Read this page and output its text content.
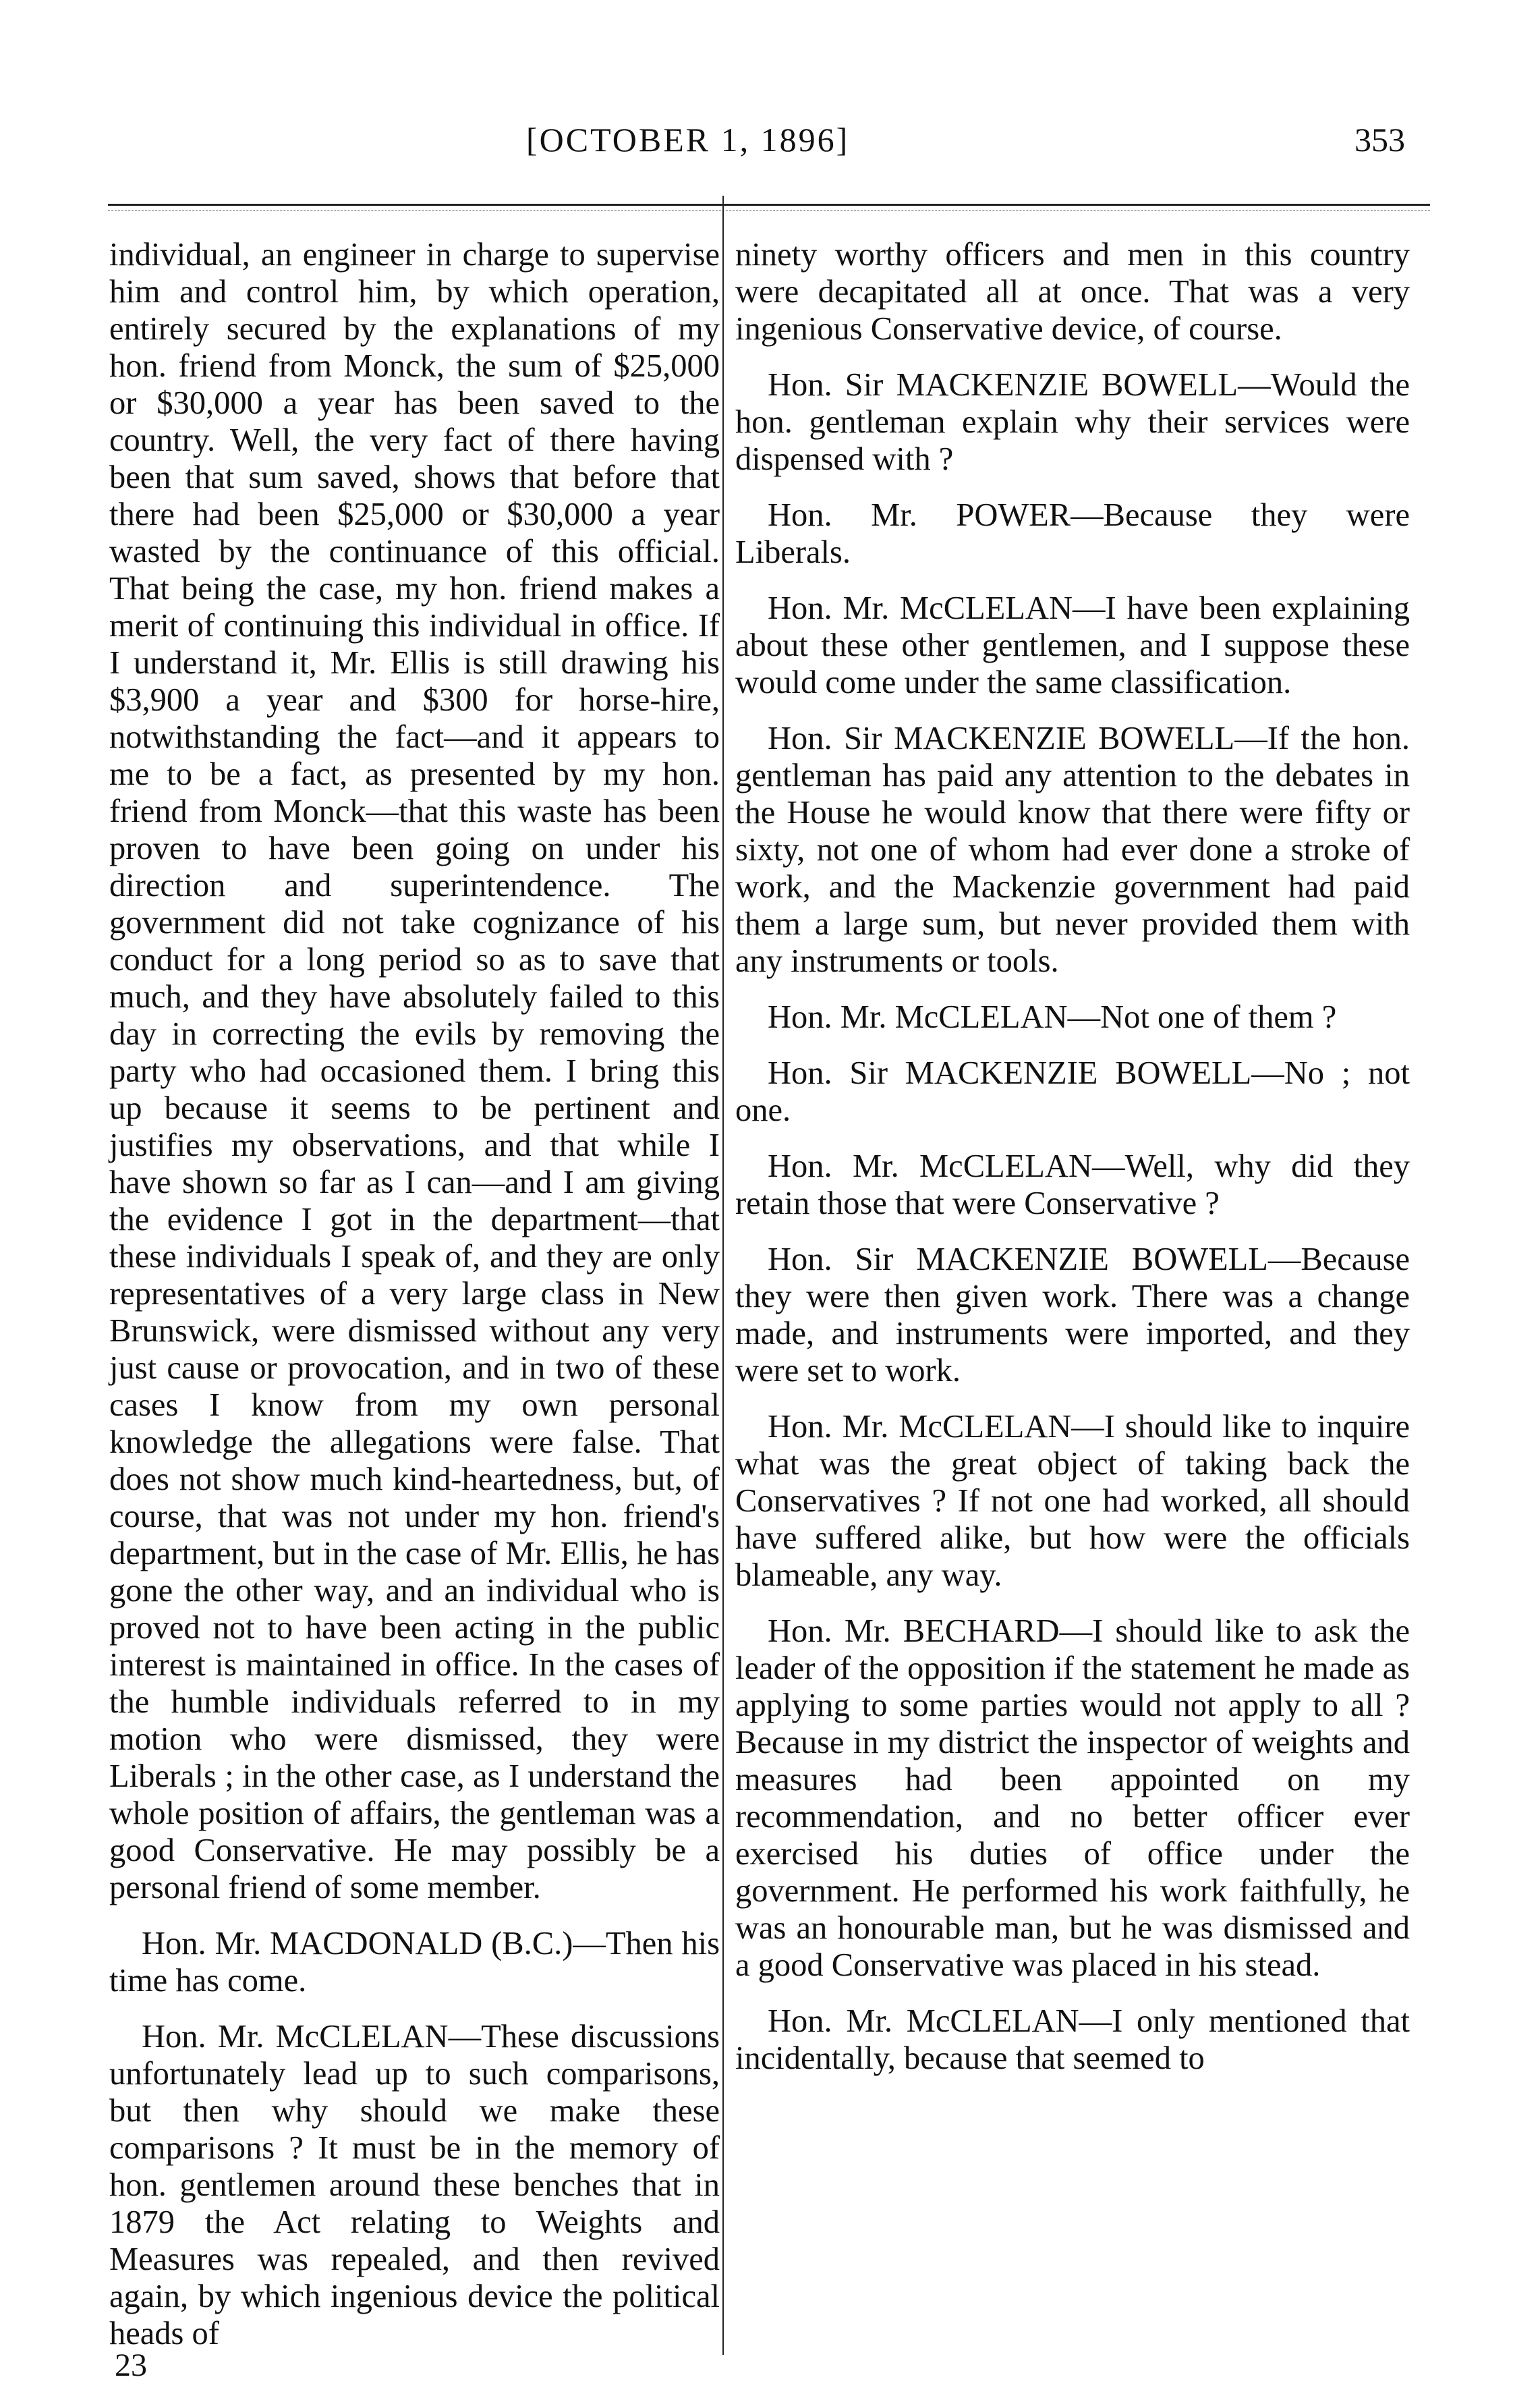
[OCTOBER 1, 1896]	353

individual, an engineer in charge to supervise him and control him, by which operation, entirely secured by the explanations of my hon. friend from Monck, the sum of $25,000 or $30,000 a year has been saved to the country. Well, the very fact of there having been that sum saved, shows that before that there had been $25,000 or $30,000 a year wasted by the continuance of this official. That being the case, my hon. friend makes a merit of continuing this individual in office. If I understand it, Mr. Ellis is still drawing his $3,900 a year and $300 for horse-hire, notwithstanding the fact—and it appears to me to be a fact, as presented by my hon. friend from Monck—that this waste has been proven to have been going on under his direction and superintendence. The government did not take cognizance of his conduct for a long period so as to save that much, and they have absolutely failed to this day in correcting the evils by removing the party who had occasioned them. I bring this up because it seems to be pertinent and justifies my observations, and that while I have shown so far as I can—and I am giving the evidence I got in the department—that these individuals I speak of, and they are only representatives of a very large class in New Brunswick, were dismissed without any very just cause or provocation, and in two of these cases I know from my own personal knowledge the allegations were false. That does not show much kind-heartedness, but, of course, that was not under my hon. friend's department, but in the case of Mr. Ellis, he has gone the other way, and an individual who is proved not to have been acting in the public interest is maintained in office. In the cases of the humble individuals referred to in my motion who were dismissed, they were Liberals ; in the other case, as I understand the whole position of affairs, the gentleman was a good Conservative. He may possibly be a personal friend of some member.

Hon. Mr. MACDONALD (B.C.)—Then his time has come.

Hon. Mr. McCLELAN—These discussions unfortunately lead up to such comparisons, but then why should we make these comparisons ? It must be in the memory of hon. gentlemen around these benches that in 1879 the Act relating to Weights and Measures was repealed, and then revived again, by which ingenious device the political heads of

ninety worthy officers and men in this country were decapitated all at once. That was a very ingenious Conservative device, of course.

Hon. Sir MACKENZIE BOWELL—Would the hon. gentleman explain why their services were dispensed with ?

Hon. Mr. POWER—Because they were Liberals.

Hon. Mr. McCLELAN—I have been explaining about these other gentlemen, and I suppose these would come under the same classification.

Hon. Sir MACKENZIE BOWELL—If the hon. gentleman has paid any attention to the debates in the House he would know that there were fifty or sixty, not one of whom had ever done a stroke of work, and the Mackenzie government had paid them a large sum, but never provided them with any instruments or tools.

Hon. Mr. McCLELAN—Not one of them ?

Hon. Sir MACKENZIE BOWELL—No ; not one.

Hon. Mr. McCLELAN—Well, why did they retain those that were Conservative ?

Hon. Sir MACKENZIE BOWELL—Because they were then given work. There was a change made, and instruments were imported, and they were set to work.

Hon. Mr. McCLELAN—I should like to inquire what was the great object of taking back the Conservatives ? If not one had worked, all should have suffered alike, but how were the officials blameable, any way.

Hon. Mr. BECHARD—I should like to ask the leader of the opposition if the statement he made as applying to some parties would not apply to all ? Because in my district the inspector of weights and measures had been appointed on my recommendation, and no better officer ever exercised his duties of office under the government. He performed his work faithfully, he was an honourable man, but he was dismissed and a good Conservative was placed in his stead.

Hon. Mr. McCLELAN—I only mentioned that incidentally, because that seemed to

23
